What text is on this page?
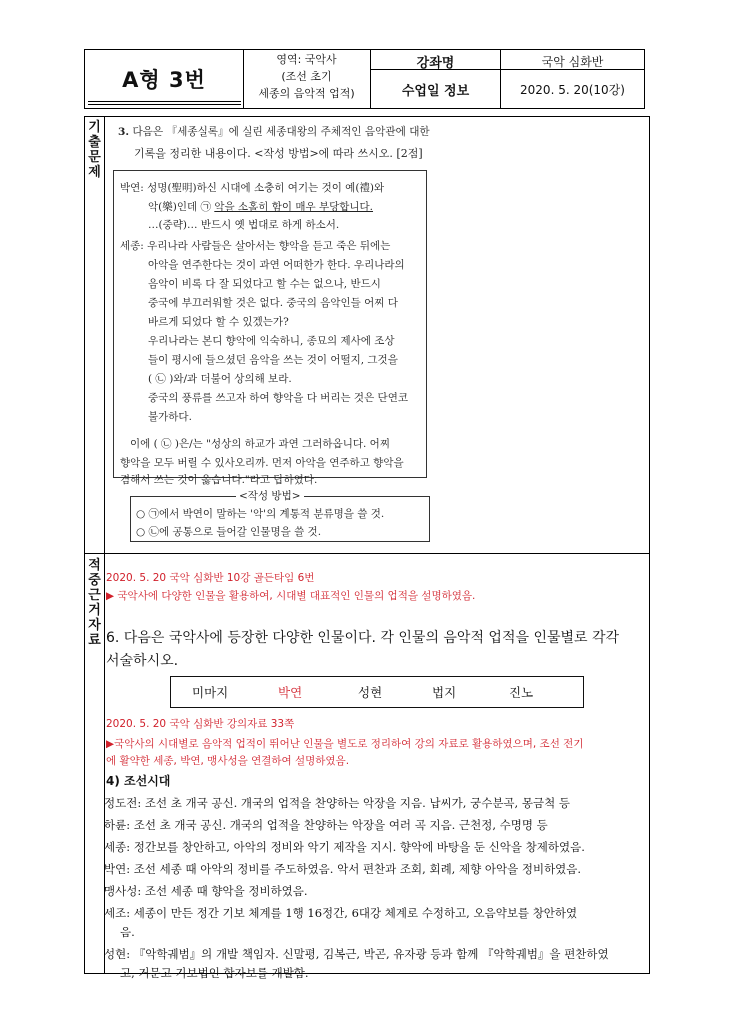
A형 3번
영역: 국악사
(조선 초기
세종의 음악적 업적)
강좌명	국악 심화반
수업일 정보	2020. 5. 20(10강)
기
출
문
제
3. 다음은 『세종실록』에 실린 세종대왕의 주체적인 음악관에 대한
기록을 정리한 내용이다. <작성 방법>에 따라 쓰시오. [2점]
박연: 성명(聖明)하신 시대에 소충히 여기는 것이 예(禮)와
악(樂)인데 ㉠ 악을 소홀히 함이 매우 부당합니다.
…(중략)… 반드시 옛 법대로 하게 하소서.
세종: 우리나라 사람들은 살아서는 향악을 듣고 죽은 뒤에는
아악을 연주한다는 것이 과연 어떠한가 한다. 우리나라의
음악이 비록 다 잘 되었다고 할 수는 없으나, 반드시
중국에 부끄러워할 것은 없다. 중국의 음악인들 어찌 다
바르게 되었다 할 수 있겠는가?
우리나라는 본디 향악에 익숙하니, 종묘의 제사에 조상
들이 평시에 들으셨던 음악을 쓰는 것이 어떨지, 그것을
( ㉡ )와/과 더불어 상의해 보라.
중국의 풍류를 쓰고자 하여 향악을 다 버리는 것은 단연코
불가하다.
이에 ( ㉡ )은/는 "성상의 하교가 과연 그러하옵니다. 어찌
향악을 모두 버릴 수 있사오리까. 먼저 아악을 연주하고 향악을
겸해서 쓰는 것이 옳습니다."라고 답하였다.
<작성 방법>
○ ㉠에서 박연이 말하는 '악'의 계통적 분류명을 쓸 것.
○ ㉡에 공통으로 들어갈 인물명을 쓸 것.
적
중
근
거
자
료
2020. 5. 20 국악 심화반 10강 골든타임 6번
▶ 국악사에 다양한 인물을 활용하여, 시대별 대표적인 인물의 업적을 설명하였음.
6. 다음은 국악사에 등장한 다양한 인물이다. 각 인물의 음악적 업적을 인물별로 각각
서술하시오.
미마지	박연	성현	법지	진노
2020. 5. 20 국악 심화반 강의자료 33쪽
▶국악사의 시대별로 음악적 업적이 뛰어난 인물을 별도로 정리하여 강의 자료로 활용하였으며, 조선 전기
에 활약한 세종, 박연, 맹사성을 연결하여 설명하였음.
4) 조선시대
정도전: 조선 초 개국 공신. 개국의 업적을 찬양하는 악장을 지음. 납씨가, 궁수분곡, 몽금척 등
하륜: 조선 초 개국 공신. 개국의 업적을 찬양하는 악장을 여러 곡 지음. 근천정, 수명명 등
세종: 정간보를 창안하고, 아악의 정비와 악기 제작을 지시. 향악에 바탕을 둔 신악을 창제하였음.
박연: 조선 세종 때 아악의 정비를 주도하였음. 악서 편찬과 조회, 회례, 제향 아악을 정비하였음.
맹사성: 조선 세종 때 향악을 정비하였음.
세조: 세종이 만든 정간 기보 체계를 1행 16정간, 6대강 체계로 수정하고, 오음약보를 창안하였
음.
성현: 『악학궤범』의 개발 책임자. 신말평, 김복근, 박곤, 유자광 등과 함께 『악학궤범』을 편찬하였
고, 거문고 기보법인 합자보를 개발함.
